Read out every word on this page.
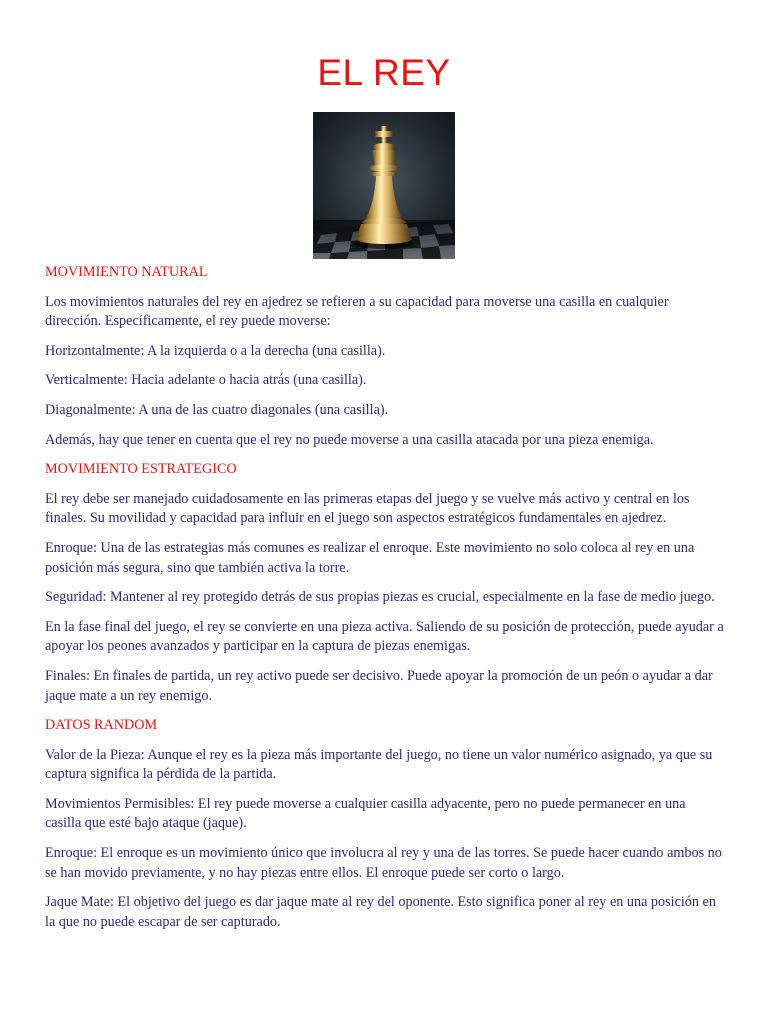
EL REY
MOVIMIENTO NATURAL

Los movimientos naturales del rey en ajedrez se refieren a su capacidad para moverse una casilla en cualquier dirección. Específicamente, el rey puede moverse:

Horizontalmente: A la izquierda o a la derecha (una casilla).

Verticalmente: Hacia adelante o hacia atrás (una casilla).

Diagonalmente: A una de las cuatro diagonales (una casilla).

Además, hay que tener en cuenta que el rey no puede moverse a una casilla atacada por una pieza enemiga.

MOVIMIENTO ESTRATEGICO

El rey debe ser manejado cuidadosamente en las primeras etapas del juego y se vuelve más activo y central en los finales. Su movilidad y capacidad para influir en el juego son aspectos estratégicos fundamentales en ajedrez.

Enroque: Una de las estrategias más comunes es realizar el enroque. Este movimiento no solo coloca al rey en una posición más segura, sino que también activa la torre.

Seguridad: Mantener al rey protegido detrás de sus propias piezas es crucial, especialmente en la fase de medio juego.

En la fase final del juego, el rey se convierte en una pieza activa. Saliendo de su posición de protección, puede ayudar a apoyar los peones avanzados y participar en la captura de piezas enemigas.

Finales: En finales de partida, un rey activo puede ser decisivo. Puede apoyar la promoción de un peón o ayudar a dar jaque mate a un rey enemigo.

DATOS RANDOM

Valor de la Pieza: Aunque el rey es la pieza más importante del juego, no tiene un valor numérico asignado, ya que su captura significa la pérdida de la partida.

Movimientos Permisibles: El rey puede moverse a cualquier casilla adyacente, pero no puede permanecer en una casilla que esté bajo ataque (jaque).

Enroque: El enroque es un movimiento único que involucra al rey y una de las torres. Se puede hacer cuando ambos no se han movido previamente, y no hay piezas entre ellos. El enroque puede ser corto o largo.

Jaque Mate: El objetivo del juego es dar jaque mate al rey del oponente. Esto significa poner al rey en una posición en la que no puede escapar de ser capturado.
